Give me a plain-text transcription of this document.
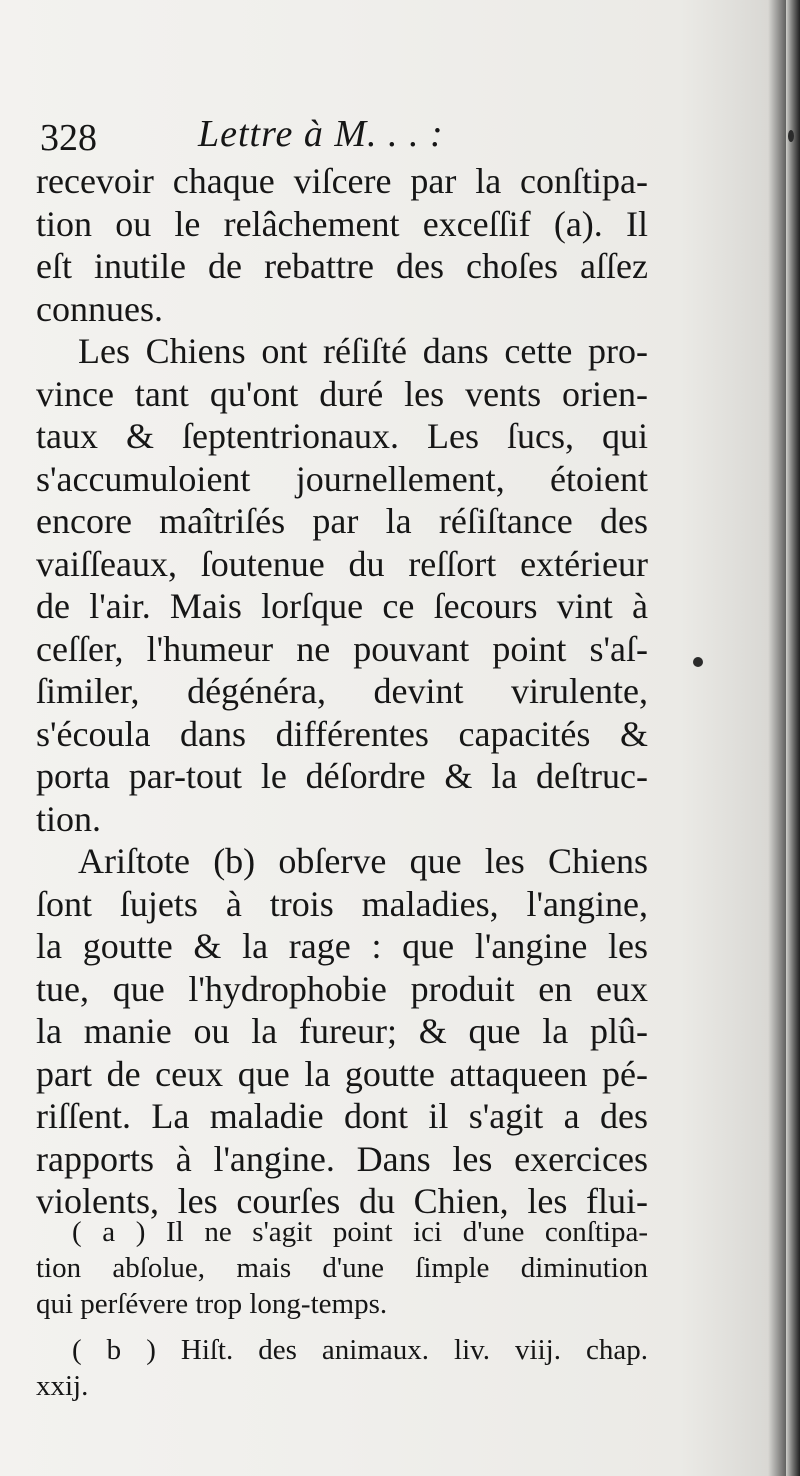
328	Lettre à M. . . :
recevoir chaque viſcere par la conſtipa-
tion ou le relâchement exceſſif (a). Il
eſt inutile de rebattre des choſes aſſez
connues.
Les Chiens ont réſiſté dans cette pro-
vince tant qu'ont duré les vents orien-
taux & ſeptentrionaux. Les ſucs, qui
s'accumuloient journellement, étoient
encore maîtriſés par la réſiſtance des
vaiſſeaux, ſoutenue du reſſort extérieur
de l'air. Mais lorſque ce ſecours vint à
ceſſer, l'humeur ne pouvant point s'aſ-
ſimiler, dégénéra, devint virulente,
s'écoula dans différentes capacités &
porta par-tout le déſordre & la deſtruc-
tion.
Ariſtote (b) obſerve que les Chiens
ſont ſujets à trois maladies, l'angine,
la goutte & la rage : que l'angine les
tue, que l'hydrophobie produit en eux
la manie ou la fureur; & que la plû-
part de ceux que la goutte attaqueen pé-
riſſent. La maladie dont il s'agit a des
rapports à l'angine. Dans les exercices
violents, les courſes du Chien, les flui-
( a ) Il ne s'agit point ici d'une conſtipa-
tion abſolue, mais d'une ſimple diminution
qui perſévere trop long-temps.
( b ) Hiſt. des animaux. liv. viij. chap.
xxij.
